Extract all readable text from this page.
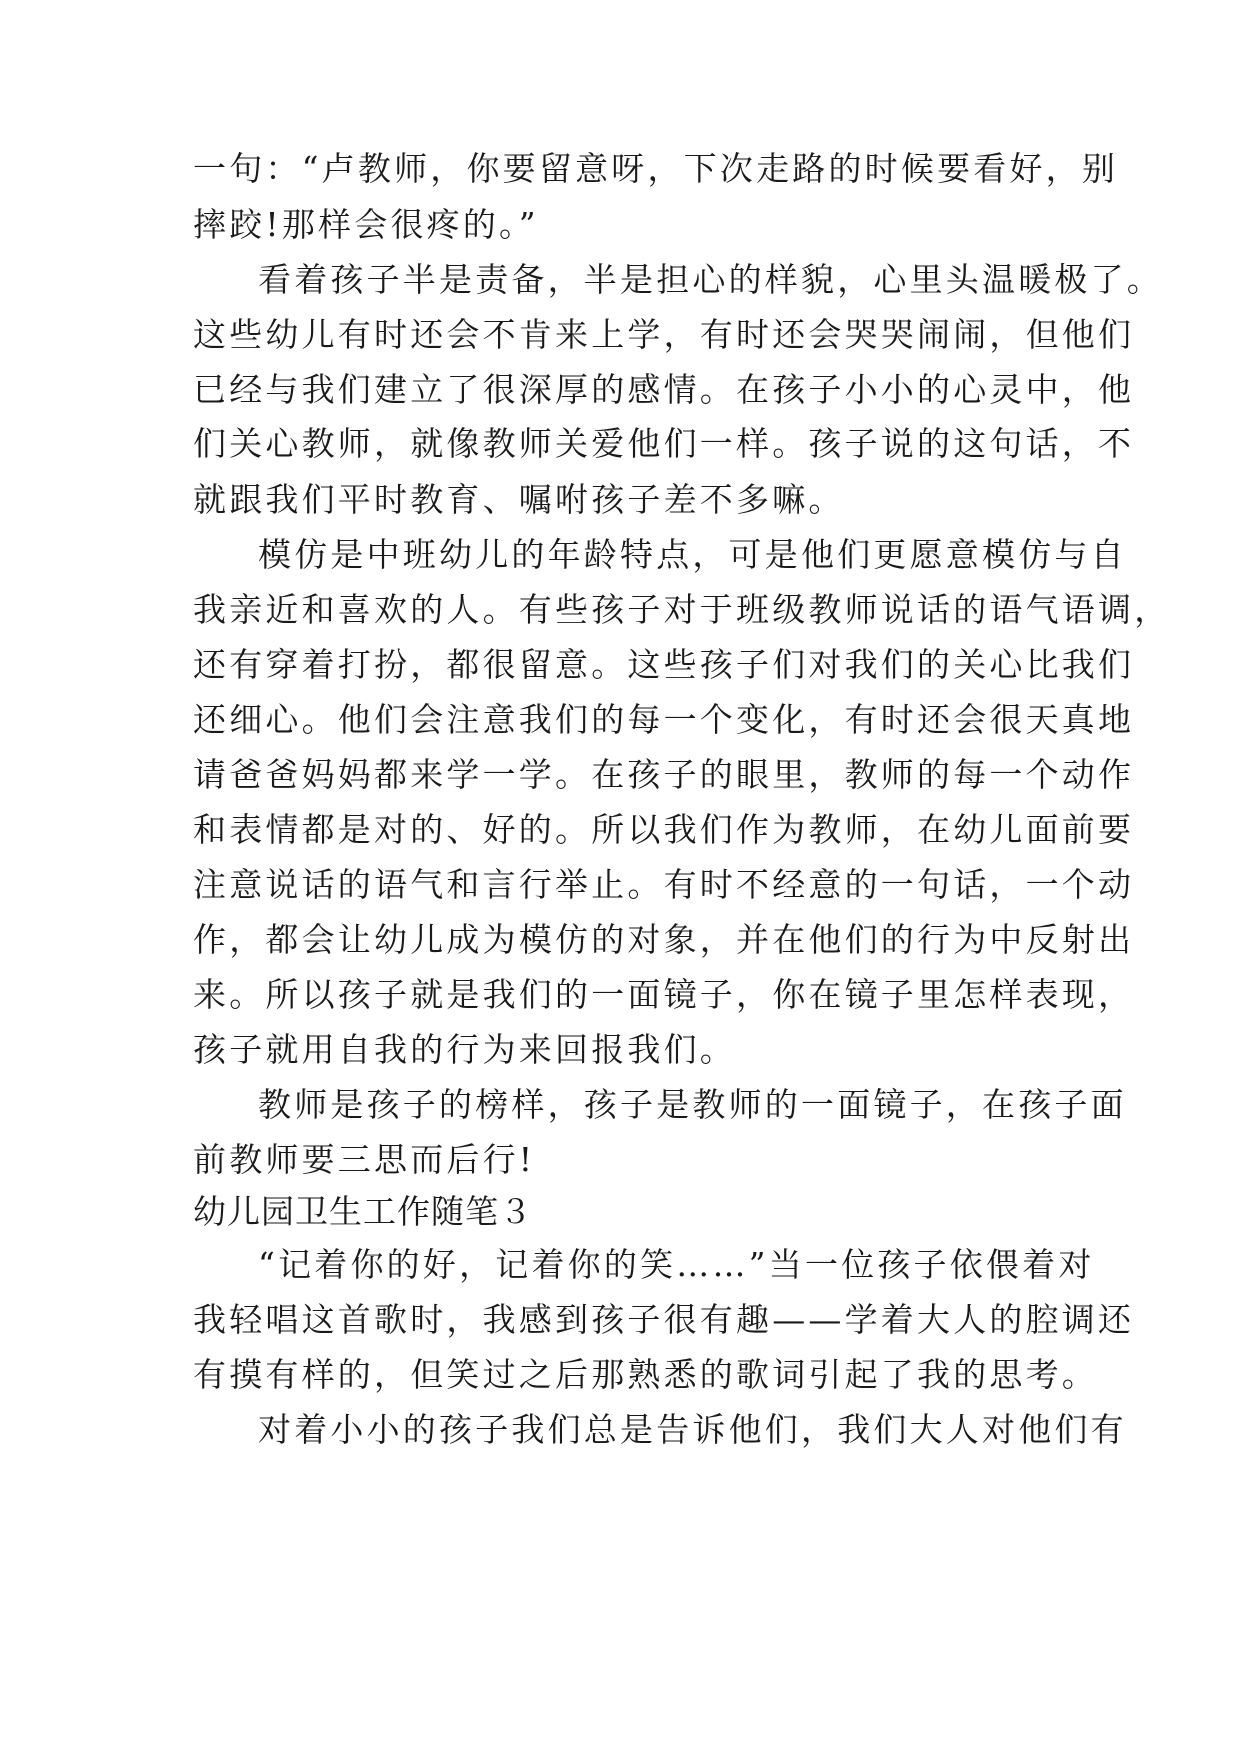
一句：“卢教师，你要留意呀，下次走路的时候要看好，别

摔跤!那样会很疼的。”

看着孩子半是责备，半是担心的样貌，心里头温暖极了。

这些幼儿有时还会不肯来上学，有时还会哭哭闹闹，但他们

已经与我们建立了很深厚的感情。在孩子小小的心灵中，他

们关心教师，就像教师关爱他们一样。孩子说的这句话，不

就跟我们平时教育、嘱咐孩子差不多嘛。

模仿是中班幼儿的年龄特点，可是他们更愿意模仿与自

我亲近和喜欢的人。有些孩子对于班级教师说话的语气语调，

还有穿着打扮，都很留意。这些孩子们对我们的关心比我们

还细心。他们会注意我们的每一个变化，有时还会很天真地

请爸爸妈妈都来学一学。在孩子的眼里，教师的每一个动作

和表情都是对的、好的。所以我们作为教师，在幼儿面前要

注意说话的语气和言行举止。有时不经意的一句话，一个动

作，都会让幼儿成为模仿的对象，并在他们的行为中反射出

来。所以孩子就是我们的一面镜子，你在镜子里怎样表现，

孩子就用自我的行为来回报我们。

教师是孩子的榜样，孩子是教师的一面镜子，在孩子面

前教师要三思而后行!

幼儿园卫生工作随笔３

“记着你的好，记着你的笑……”当一位孩子依偎着对

我轻唱这首歌时，我感到孩子很有趣——学着大人的腔调还

有摸有样的，但笑过之后那熟悉的歌词引起了我的思考。

对着小小的孩子我们总是告诉他们，我们大人对他们有
